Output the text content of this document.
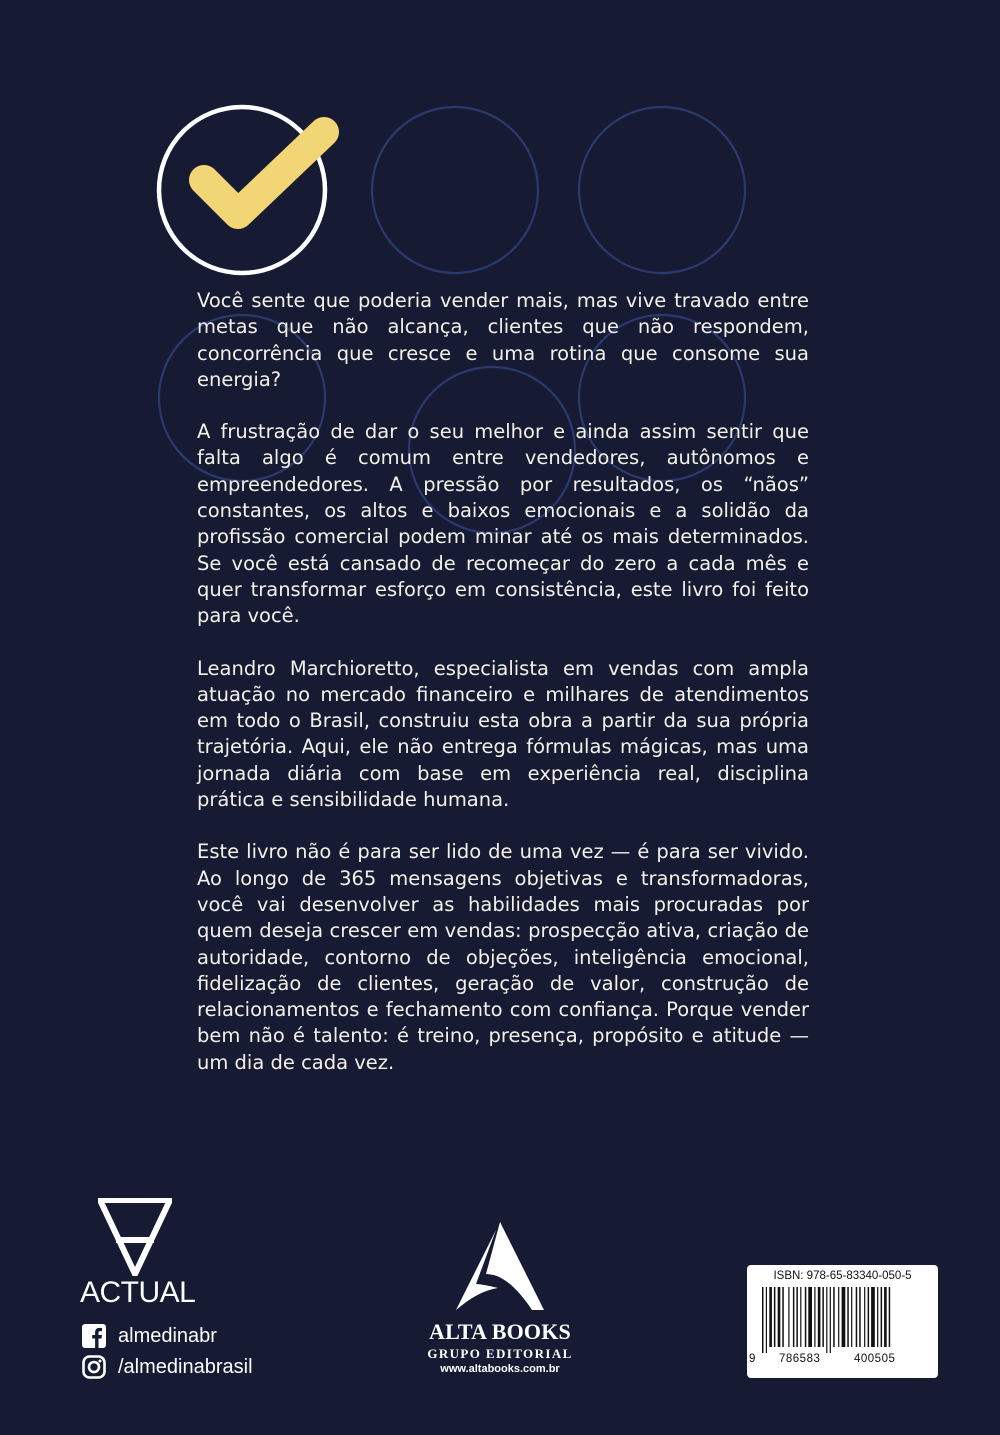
Você sente que poderia vender mais, mas vive travado entre metas que não alcança, clientes que não respondem, concorrência que cresce e uma rotina que consome sua energia?

A frustração de dar o seu melhor e ainda assim sentir que falta algo é comum entre vendedores, autônomos e empreendedores. A pressão por resultados, os “nãos” constantes, os altos e baixos emocionais e a solidão da profissão comercial podem minar até os mais determinados. Se você está cansado de recomeçar do zero a cada mês e quer transformar esforço em consistência, este livro foi feito para você.

Leandro Marchioretto, especialista em vendas com ampla atuação no mercado financeiro e milhares de atendimentos em todo o Brasil, construiu esta obra a partir da sua própria trajetória. Aqui, ele não entrega fórmulas mágicas, mas uma jornada diária com base em experiência real, disciplina prática e sensibilidade humana.

Este livro não é para ser lido de uma vez — é para ser vivido. Ao longo de 365 mensagens objetivas e transformadoras, você vai desenvolver as habilidades mais procuradas por quem deseja crescer em vendas: prospecção ativa, criação de autoridade, contorno de objeções, inteligência emocional, fidelização de clientes, geração de valor, construção de relacionamentos e fechamento com confiança. Porque vender bem não é talento: é treino, presença, propósito e atitude — um dia de cada vez.

ACTUAL
almedinabr
/almedinabrasil
ALTA BOOKS
GRUPO EDITORIAL
www.altabooks.com.br
ISBN: 978-65-83340-050-5
9 786583	400505
